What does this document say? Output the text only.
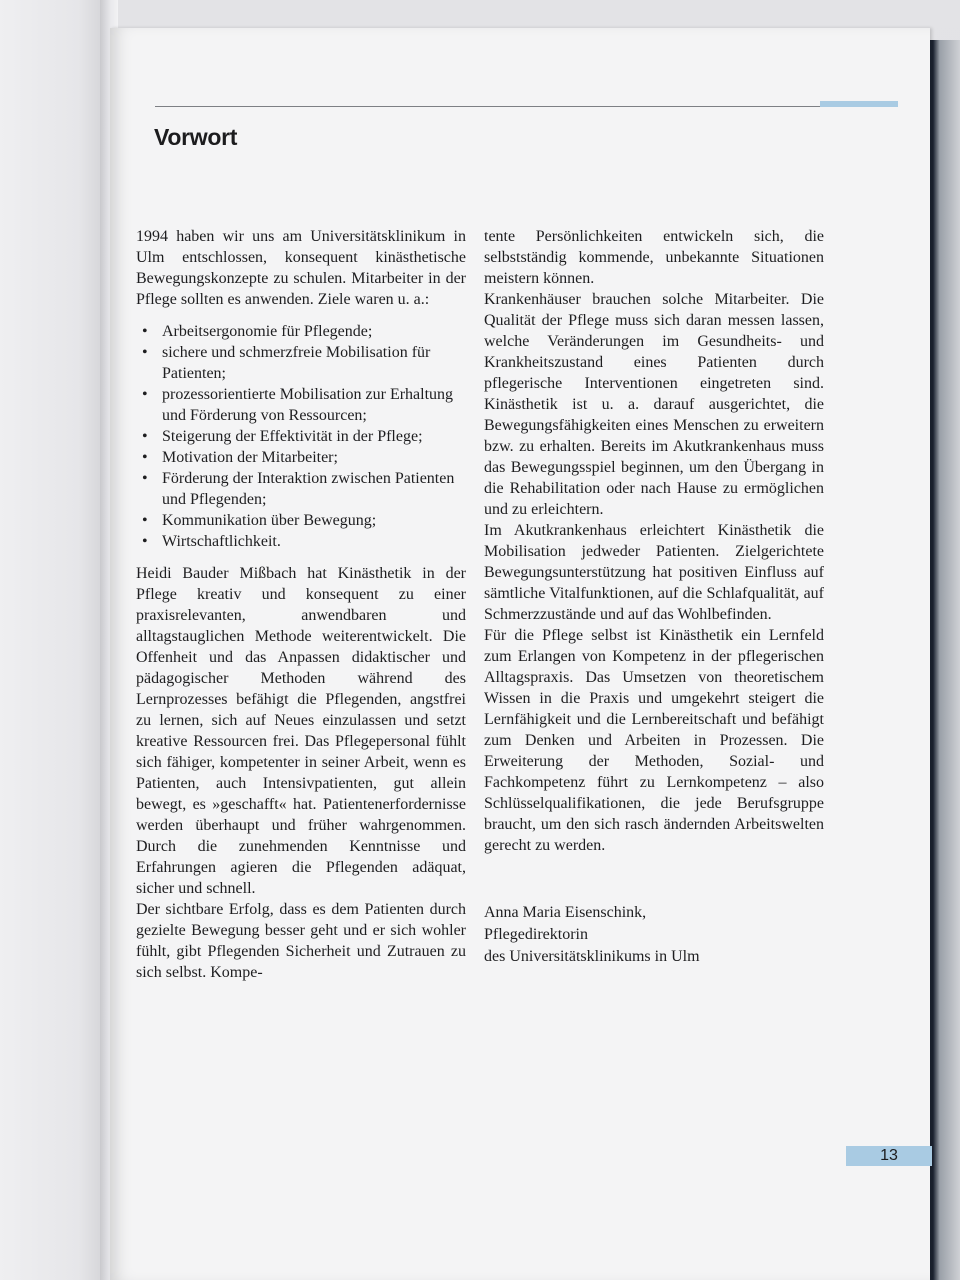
Vorwort

1994 haben wir uns am Universitätsklinikum in Ulm entschlossen, konsequent kinästhetische Bewegungskonzepte zu schulen. Mitarbeiter in der Pflege sollten es anwenden. Ziele waren u. a.:

• Arbeitsergonomie für Pflegende;
• sichere und schmerzfreie Mobilisation für Patienten;
• prozessorientierte Mobilisation zur Erhaltung und Förderung von Ressourcen;
• Steigerung der Effektivität in der Pflege;
• Motivation der Mitarbeiter;
• Förderung der Interaktion zwischen Patienten und Pflegenden;
• Kommunikation über Bewegung;
• Wirtschaftlichkeit.

Heidi Bauder Mißbach hat Kinästhetik in der Pflege kreativ und konsequent zu einer praxisrelevanten, anwendbaren und alltagstauglichen Methode weiterentwickelt. Die Offenheit und das Anpassen didaktischer und pädagogischer Methoden während des Lernprozesses befähigt die Pflegenden, angstfrei zu lernen, sich auf Neues einzulassen und setzt kreative Ressourcen frei. Das Pflegepersonal fühlt sich fähiger, kompetenter in seiner Arbeit, wenn es Patienten, auch Intensivpatienten, gut allein bewegt, es »geschafft« hat. Patientenerfordernisse werden überhaupt und früher wahrgenommen. Durch die zunehmenden Kenntnisse und Erfahrungen agieren die Pflegenden adäquat, sicher und schnell.

Der sichtbare Erfolg, dass es dem Patienten durch gezielte Bewegung besser geht und er sich wohler fühlt, gibt Pflegenden Sicherheit und Zutrauen zu sich selbst. Kompe-

tente Persönlichkeiten entwickeln sich, die selbstständig kommende, unbekannte Situationen meistern können.

Krankenhäuser brauchen solche Mitarbeiter. Die Qualität der Pflege muss sich daran messen lassen, welche Veränderungen im Gesundheits- und Krankheitszustand eines Patienten durch pflegerische Interventionen eingetreten sind. Kinästhetik ist u. a. darauf ausgerichtet, die Bewegungsfähigkeiten eines Menschen zu erweitern bzw. zu erhalten. Bereits im Akutkrankenhaus muss das Bewegungsspiel beginnen, um den Übergang in die Rehabilitation oder nach Hause zu ermöglichen und zu erleichtern.

Im Akutkrankenhaus erleichtert Kinästhetik die Mobilisation jedweder Patienten. Zielgerichtete Bewegungsunterstützung hat positiven Einfluss auf sämtliche Vitalfunktionen, auf die Schlafqualität, auf Schmerzzustände und auf das Wohlbefinden.

Für die Pflege selbst ist Kinästhetik ein Lernfeld zum Erlangen von Kompetenz in der pflegerischen Alltagspraxis. Das Umsetzen von theoretischem Wissen in die Praxis und umgekehrt steigert die Lernfähigkeit und die Lernbereitschaft und befähigt zum Denken und Arbeiten in Prozessen. Die Erweiterung der Methoden, Sozial- und Fachkompetenz führt zu Lernkompetenz – also Schlüsselqualifikationen, die jede Berufsgruppe braucht, um den sich rasch ändernden Arbeitswelten gerecht zu werden.

Anna Maria Eisenschink,
Pflegedirektorin
des Universitätsklinikums in Ulm
13
